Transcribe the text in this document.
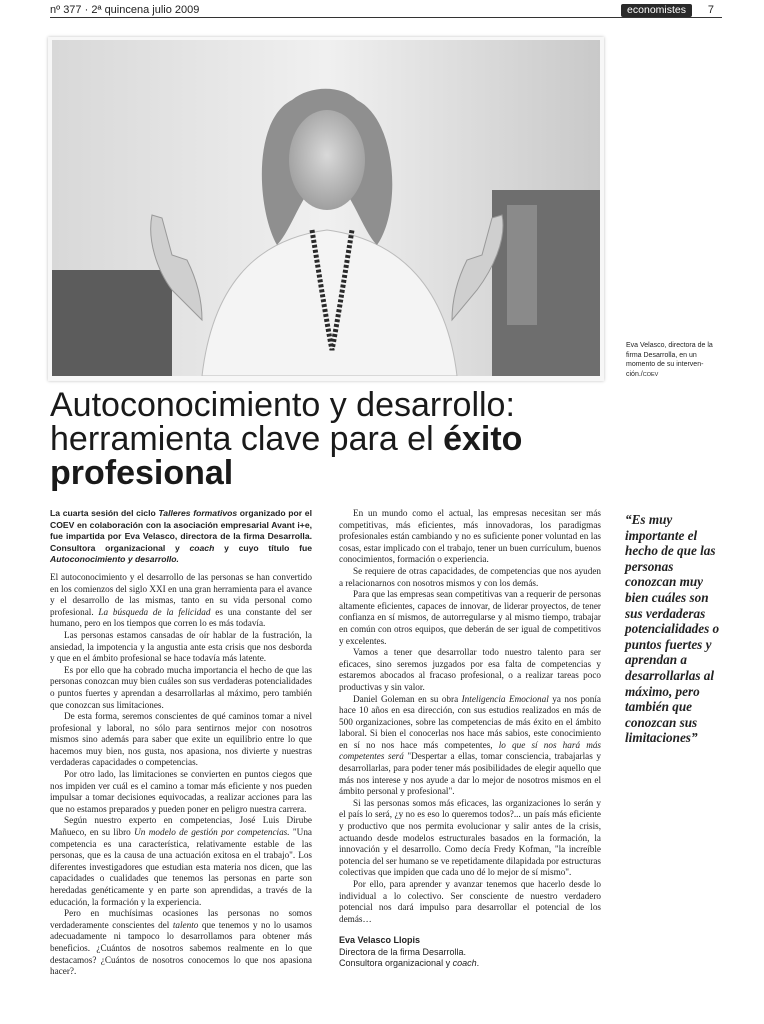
nº 377 · 2ª quincena julio 2009	economistes	7
Eva Velasco, directora de la firma Desarrolla, en un momento de su interven-ción./COEV
Autoconocimiento y desarrollo:
herramienta clave para el éxito
profesional
La cuarta sesión del ciclo Talleres formativos organizado por el COEV en colaboración con la asociación empresarial Avant i+e, fue impartida por Eva Velasco, directora de la firma Desarrolla. Consultora organizacional y coach y cuyo título fue Autoconocimiento y desarrollo.

El autoconocimiento y el desarrollo de las personas se han convertido en los comienzos del siglo XXI en una gran herramienta para el avance y el desarrollo de las mismas, tanto en su vida personal como profesional. La búsqueda de la felicidad es una constante del ser humano, pero en los tiempos que corren lo es más todavía.

Las personas estamos cansadas de oír hablar de la fustración, la ansiedad, la impotencia y la angustia ante esta crisis que nos desborda y que en el ámbito profesional se hace todavía más latente.

Es por ello que ha cobrado mucha importancia el hecho de que las personas conozcan muy bien cuáles son sus verdaderas potencialidades o puntos fuertes y aprendan a desarrollarlas al máximo, pero también que conozcan sus limitaciones.

De esta forma, seremos conscientes de qué caminos tomar a nivel profesional y laboral, no sólo para sentirnos mejor con nosotros mismos sino además para saber que exite un equilibrio entre lo que hacemos muy bien, nos gusta, nos apasiona, nos divierte y nuestras verdaderas capacidades o competencias.

Por otro lado, las limitaciones se convierten en puntos ciegos que nos impiden ver cuál es el camino a tomar más eficiente y nos pueden impulsar a tomar decisiones equivocadas, a realizar acciones para las que no estamos preparados y pueden poner en peligro nuestra carrera.

Según nuestro experto en competencias, José Luis Dirube Mañueco, en su libro Un modelo de gestión por competencias. "Una competencia es una característica, relativamente estable de las personas, que es la causa de una actuación exitosa en el trabajo". Los diferentes investigadores que estudian esta materia nos dicen, que las capacidades o cualidades que tenemos las personas en parte son heredadas genéticamente y en parte son aprendidas, a través de la educación, la formación y la experiencia.

Pero en muchísimas ocasiones las personas no somos verdaderamente conscientes del talento que tenemos y no lo usamos adecuadamente ni tampoco lo desarrollamos para obtener más beneficios. ¿Cuántos de nosotros sabemos realmente en lo que destacamos? ¿Cuántos de nosotros conocemos lo que nos apasiona hacer?.

En un mundo como el actual, las empresas necesitan ser más competitivas, más eficientes, más innovadoras, los paradigmas profesionales están cambiando y no es suficiente poner voluntad en las cosas, estar implicado con el trabajo, tener un buen currículum, buenos conocimientos, formación o experiencia.

Se requiere de otras capacidades, de competencias que nos ayuden a relacionarnos con nosotros mismos y con los demás.

Para que las empresas sean competitivas van a requerir de personas altamente eficientes, capaces de innovar, de liderar proyectos, de tener confianza en sí mismos, de autorregularse y al mismo tiempo, trabajar en común con otros equipos, que deberán de ser igual de competitivos y excelentes.

Vamos a tener que desarrollar todo nuestro talento para ser eficaces, sino seremos juzgados por esa falta de competencias y estaremos abocados al fracaso profesional, o a realizar tareas poco productivas y sin valor.

Daniel Goleman en su obra Inteligencia Emocional ya nos ponía hace 10 años en esa dirección, con sus estudios realizados en más de 500 organizaciones, sobre las competencias de más éxito en el ámbito laboral. Si bien el conocerlas nos hace más sabios, este conocimiento en sí no nos hace más competentes, lo que sí nos hará más competentes será "Despertar a ellas, tomar consciencia, trabajarlas y desarrollarlas, para poder tener más posibilidades de elegir aquello que más nos interese y nos ayude a dar lo mejor de nosotros mismos en el ámbito personal y profesional".

Si las personas somos más eficaces, las organizaciones lo serán y el país lo será, ¿y no es eso lo queremos todos?... un país más eficiente y productivo que nos permita evolucionar y salir antes de la crisis, actuando desde modelos estructurales basados en la formación, la innovación y el desarrollo. Como decía Fredy Kofman, "la increíble potencia del ser humano se ve repetidamente dilapidada por estructuras colectivas que impiden que cada uno dé lo mejor de sí mismo".

Por ello, para aprender y avanzar tenemos que hacerlo desde lo individual a lo colectivo. Ser consciente de nuestro verdadero potencial nos dará impulso para desarrollar el potencial de los demás…

Eva Velasco Llopis
Directora de la firma Desarrolla.
Consultora organizacional y coach.
“Es muy importante el hecho de que las personas conozcan muy bien cuáles son sus verdaderas potencialidades o puntos fuertes y aprendan a desarrollarlas al máximo, pero también que conozcan sus limitaciones”
